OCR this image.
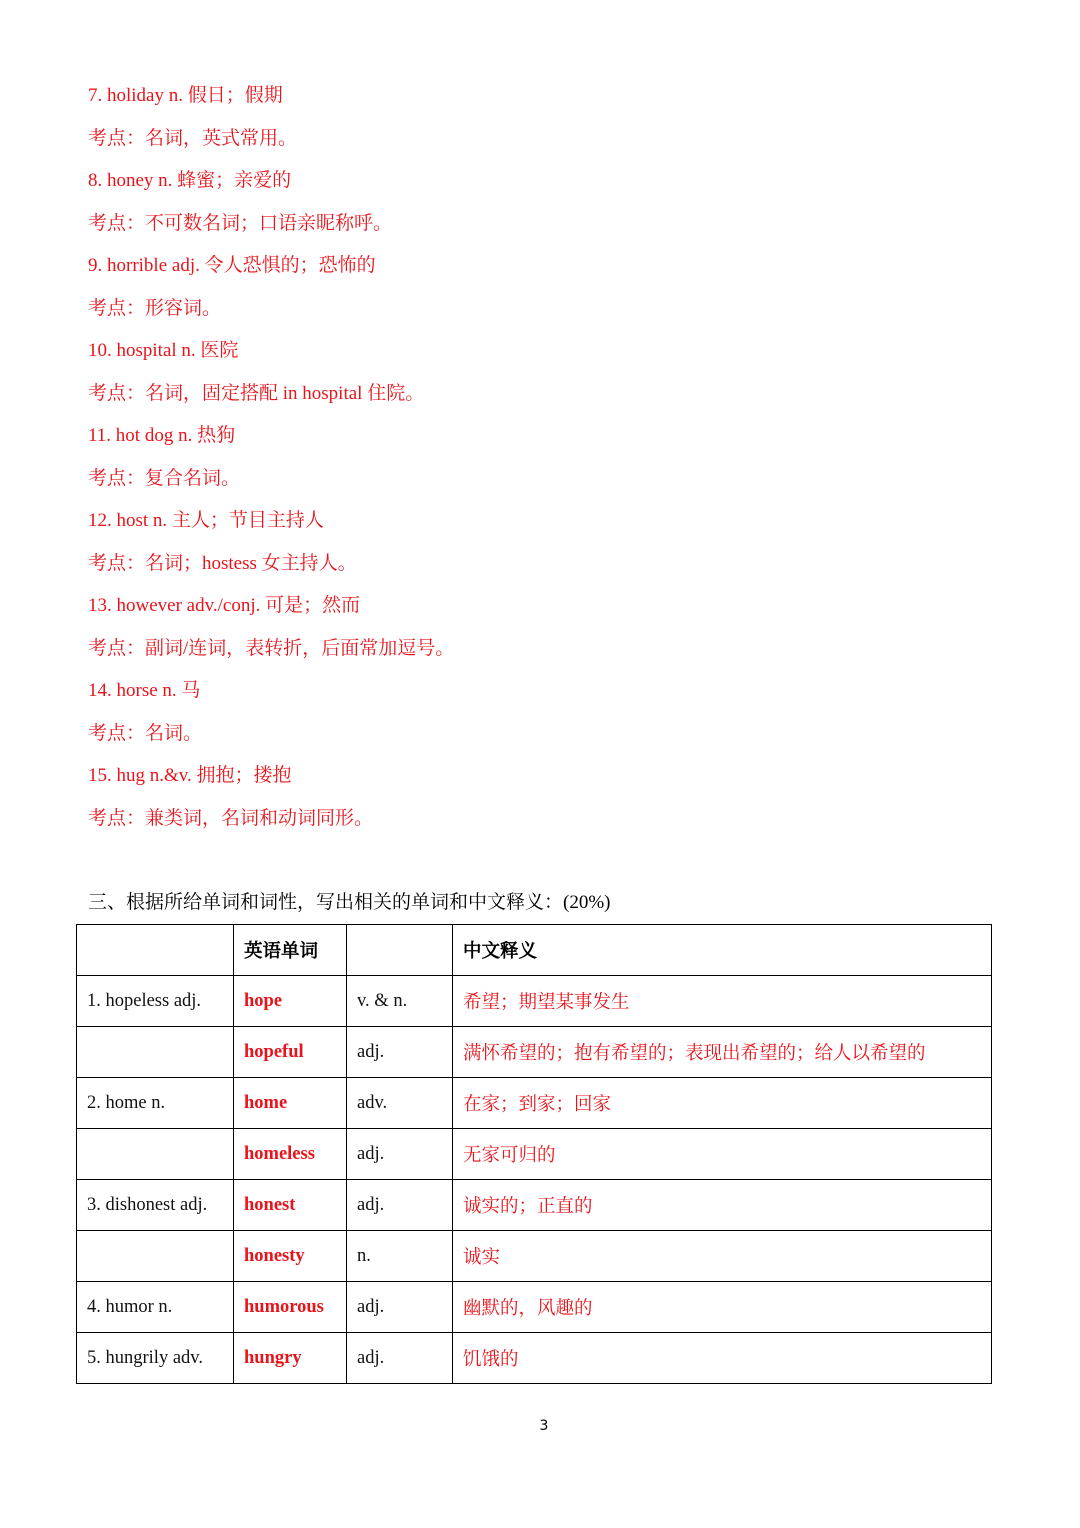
7. holiday n. 假日；假期
考点：名词，英式常用。
8. honey n. 蜂蜜；亲爱的
考点：不可数名词；口语亲昵称呼。
9. horrible adj. 令人恐惧的；恐怖的
考点：形容词。
10. hospital n. 医院
考点：名词，固定搭配 in hospital 住院。
11. hot dog n. 热狗
考点：复合名词。
12. host n. 主人；节目主持人
考点：名词；hostess 女主持人。
13. however adv./conj. 可是；然而
考点：副词/连词，表转折，后面常加逗号。
14. horse n. 马
考点：名词。
15. hug n.&v. 拥抱；搂抱
考点：兼类词，名词和动词同形。
三、根据所给单词和词性，写出相关的单词和中文释义：(20%)
	英语单词		中文释义
1. hopeless adj.	hope	v. & n.	希望；期望某事发生
	hopeful	adj.	满怀希望的；抱有希望的；表现出希望的；给人以希望的
2. home n.	home	adv.	在家；到家；回家
	homeless	adj.	无家可归的
3. dishonest adj.	honest	adj.	诚实的；正直的
	honesty	n.	诚实
4. humor n.	humorous	adj.	幽默的，风趣的
5. hungrily adv.	hungry	adj.	饥饿的
3
